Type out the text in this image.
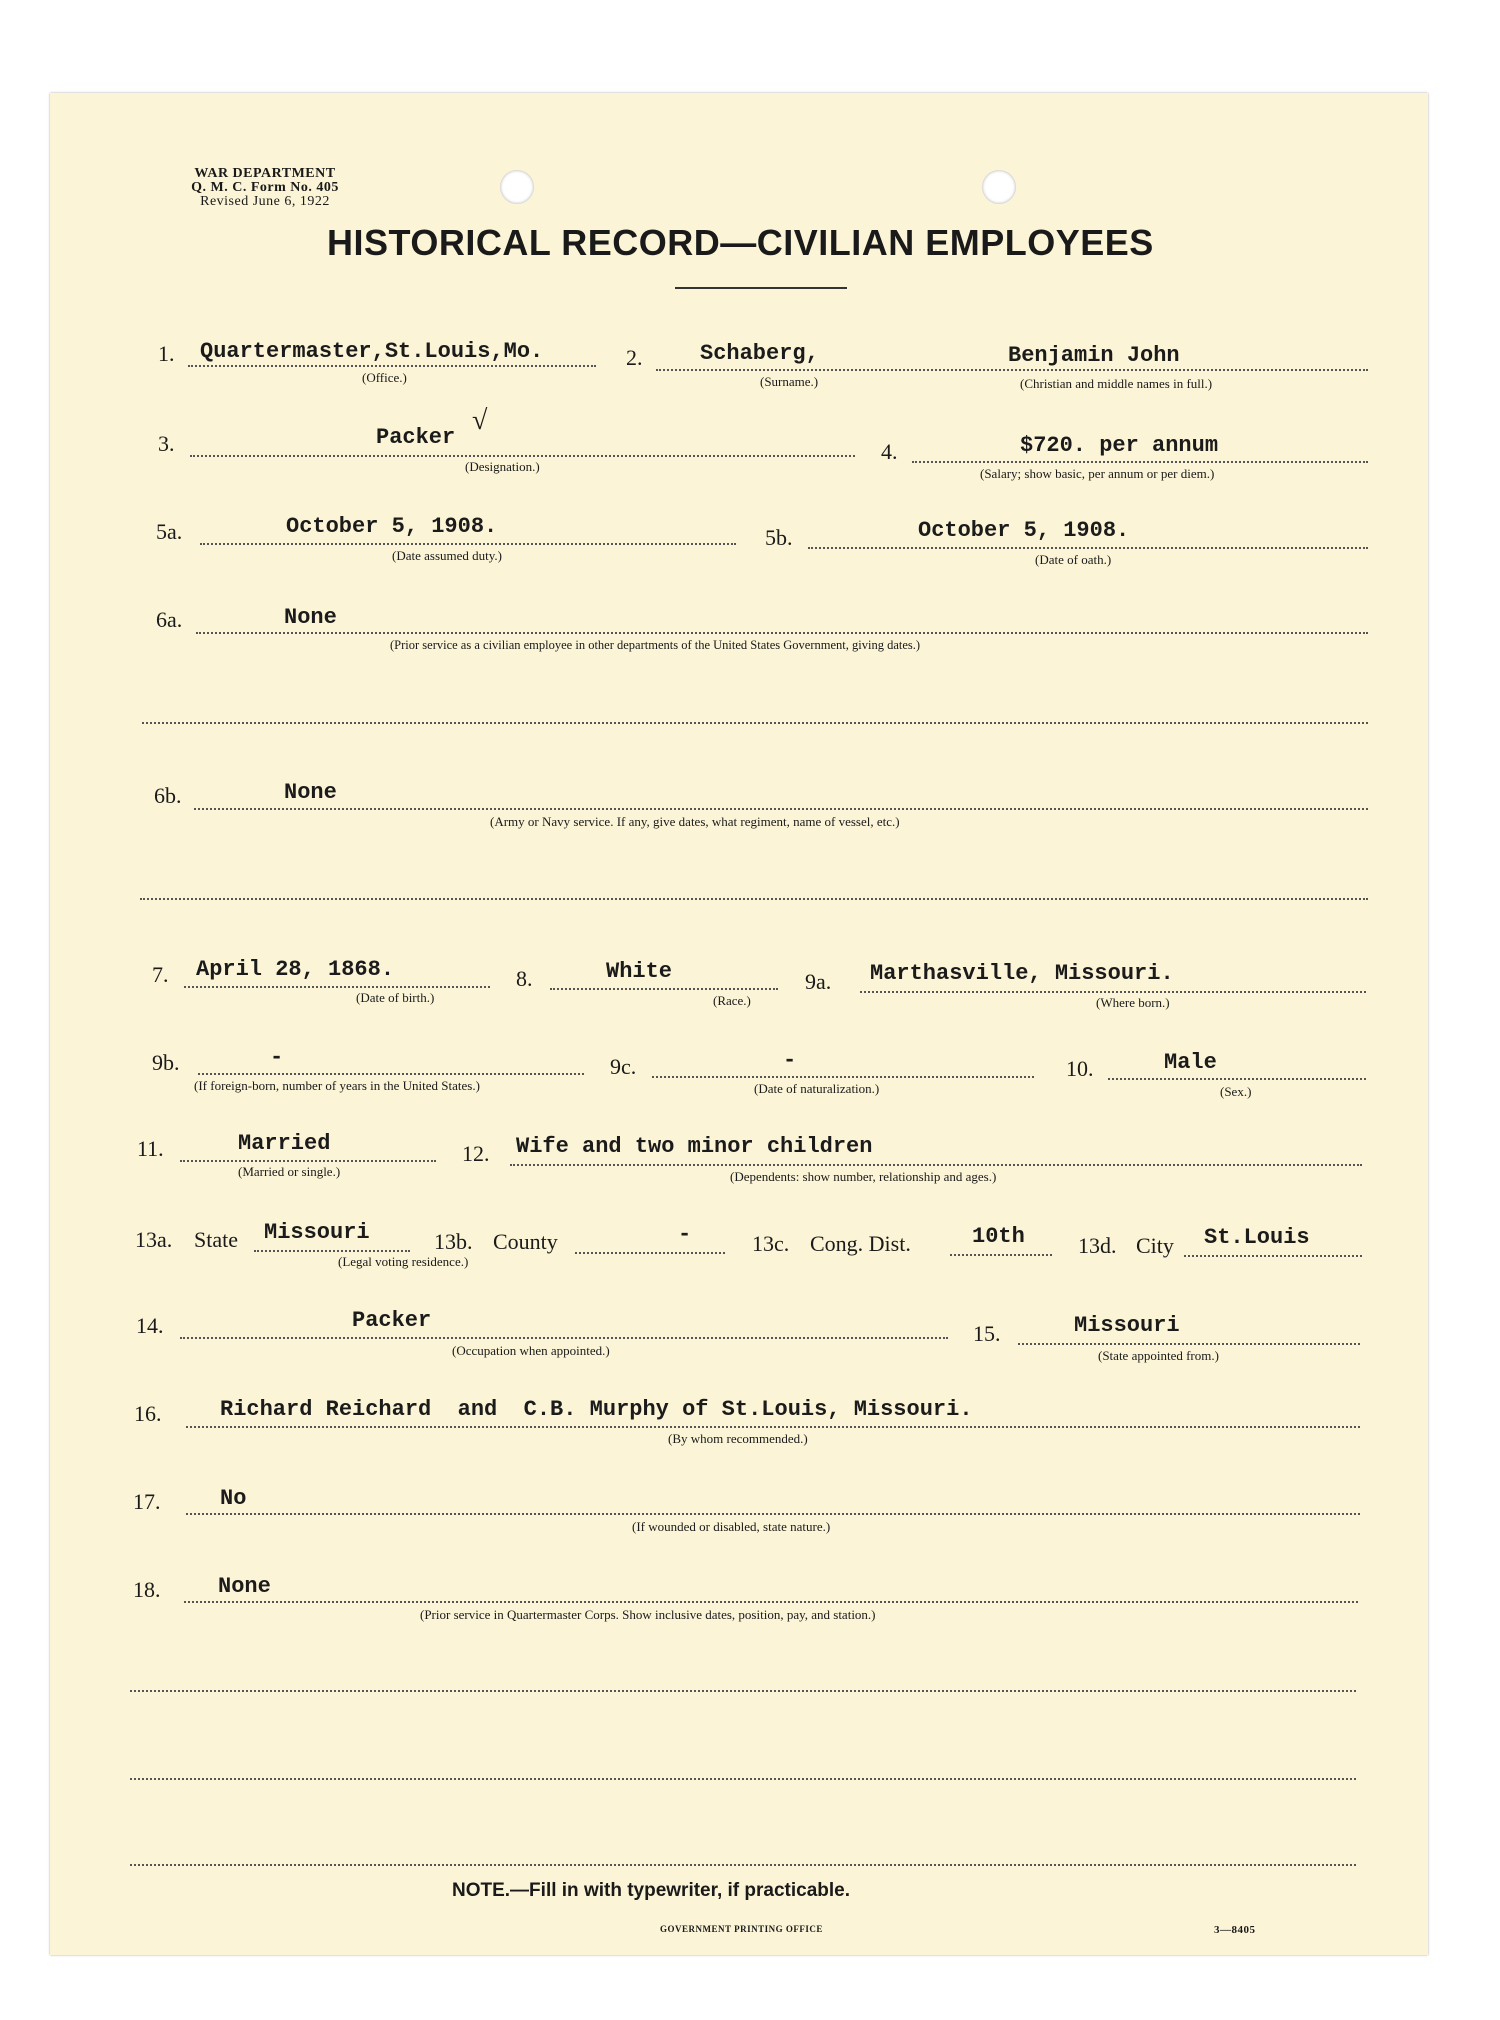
WAR DEPARTMENT
Q. M. C. Form No. 405
Revised June 6, 1922
HISTORICAL RECORD—CIVILIAN EMPLOYEES
1. Quartermaster,St.Louis,Mo.
(Office.)
2.	Schaberg,
(Surname.)
Benjamin John
(Christian and middle names in full.)
3.	Packer
√
(Designation.)
4.	$720. per annum
(Salary; show basic, per annum or per diem.)
5a.	October 5, 1908.
(Date assumed duty.)
5b.	October 5, 1908.
(Date of oath.)
6a.	None
(Prior service as a civilian employee in other departments of the United States Government, giving dates.)
6b.	None
(Army or Navy service. If any, give dates, what regiment, name of vessel, etc.)
7. April 28, 1868.
(Date of birth.)
8.	White
(Race.)
9a. Marthasville, Missouri.
(Where born.)
9b.	-
(If foreign-born, number of years in the United States.)
9c.	-
(Date of naturalization.)
10.	Male
(Sex.)
11.	Married
(Married or single.)
12. Wife and two minor children
(Dependents: show number, relationship and ages.)
13a. State Missouri
(Legal voting residence.)
13b. County	-	13c. Cong. Dist.	10th 13d. City St.Louis
14.	Packer
(Occupation when appointed.)
15.	Missouri
(State appointed from.)
16.	Richard Reichard  and  C.B. Murphy of St.Louis, Missouri.
(By whom recommended.)
17.	No
(If wounded or disabled, state nature.)
18.	None
(Prior service in Quartermaster Corps. Show inclusive dates, position, pay, and station.)
NOTE.—Fill in with typewriter, if practicable.
GOVERNMENT PRINTING OFFICE	3—8405
